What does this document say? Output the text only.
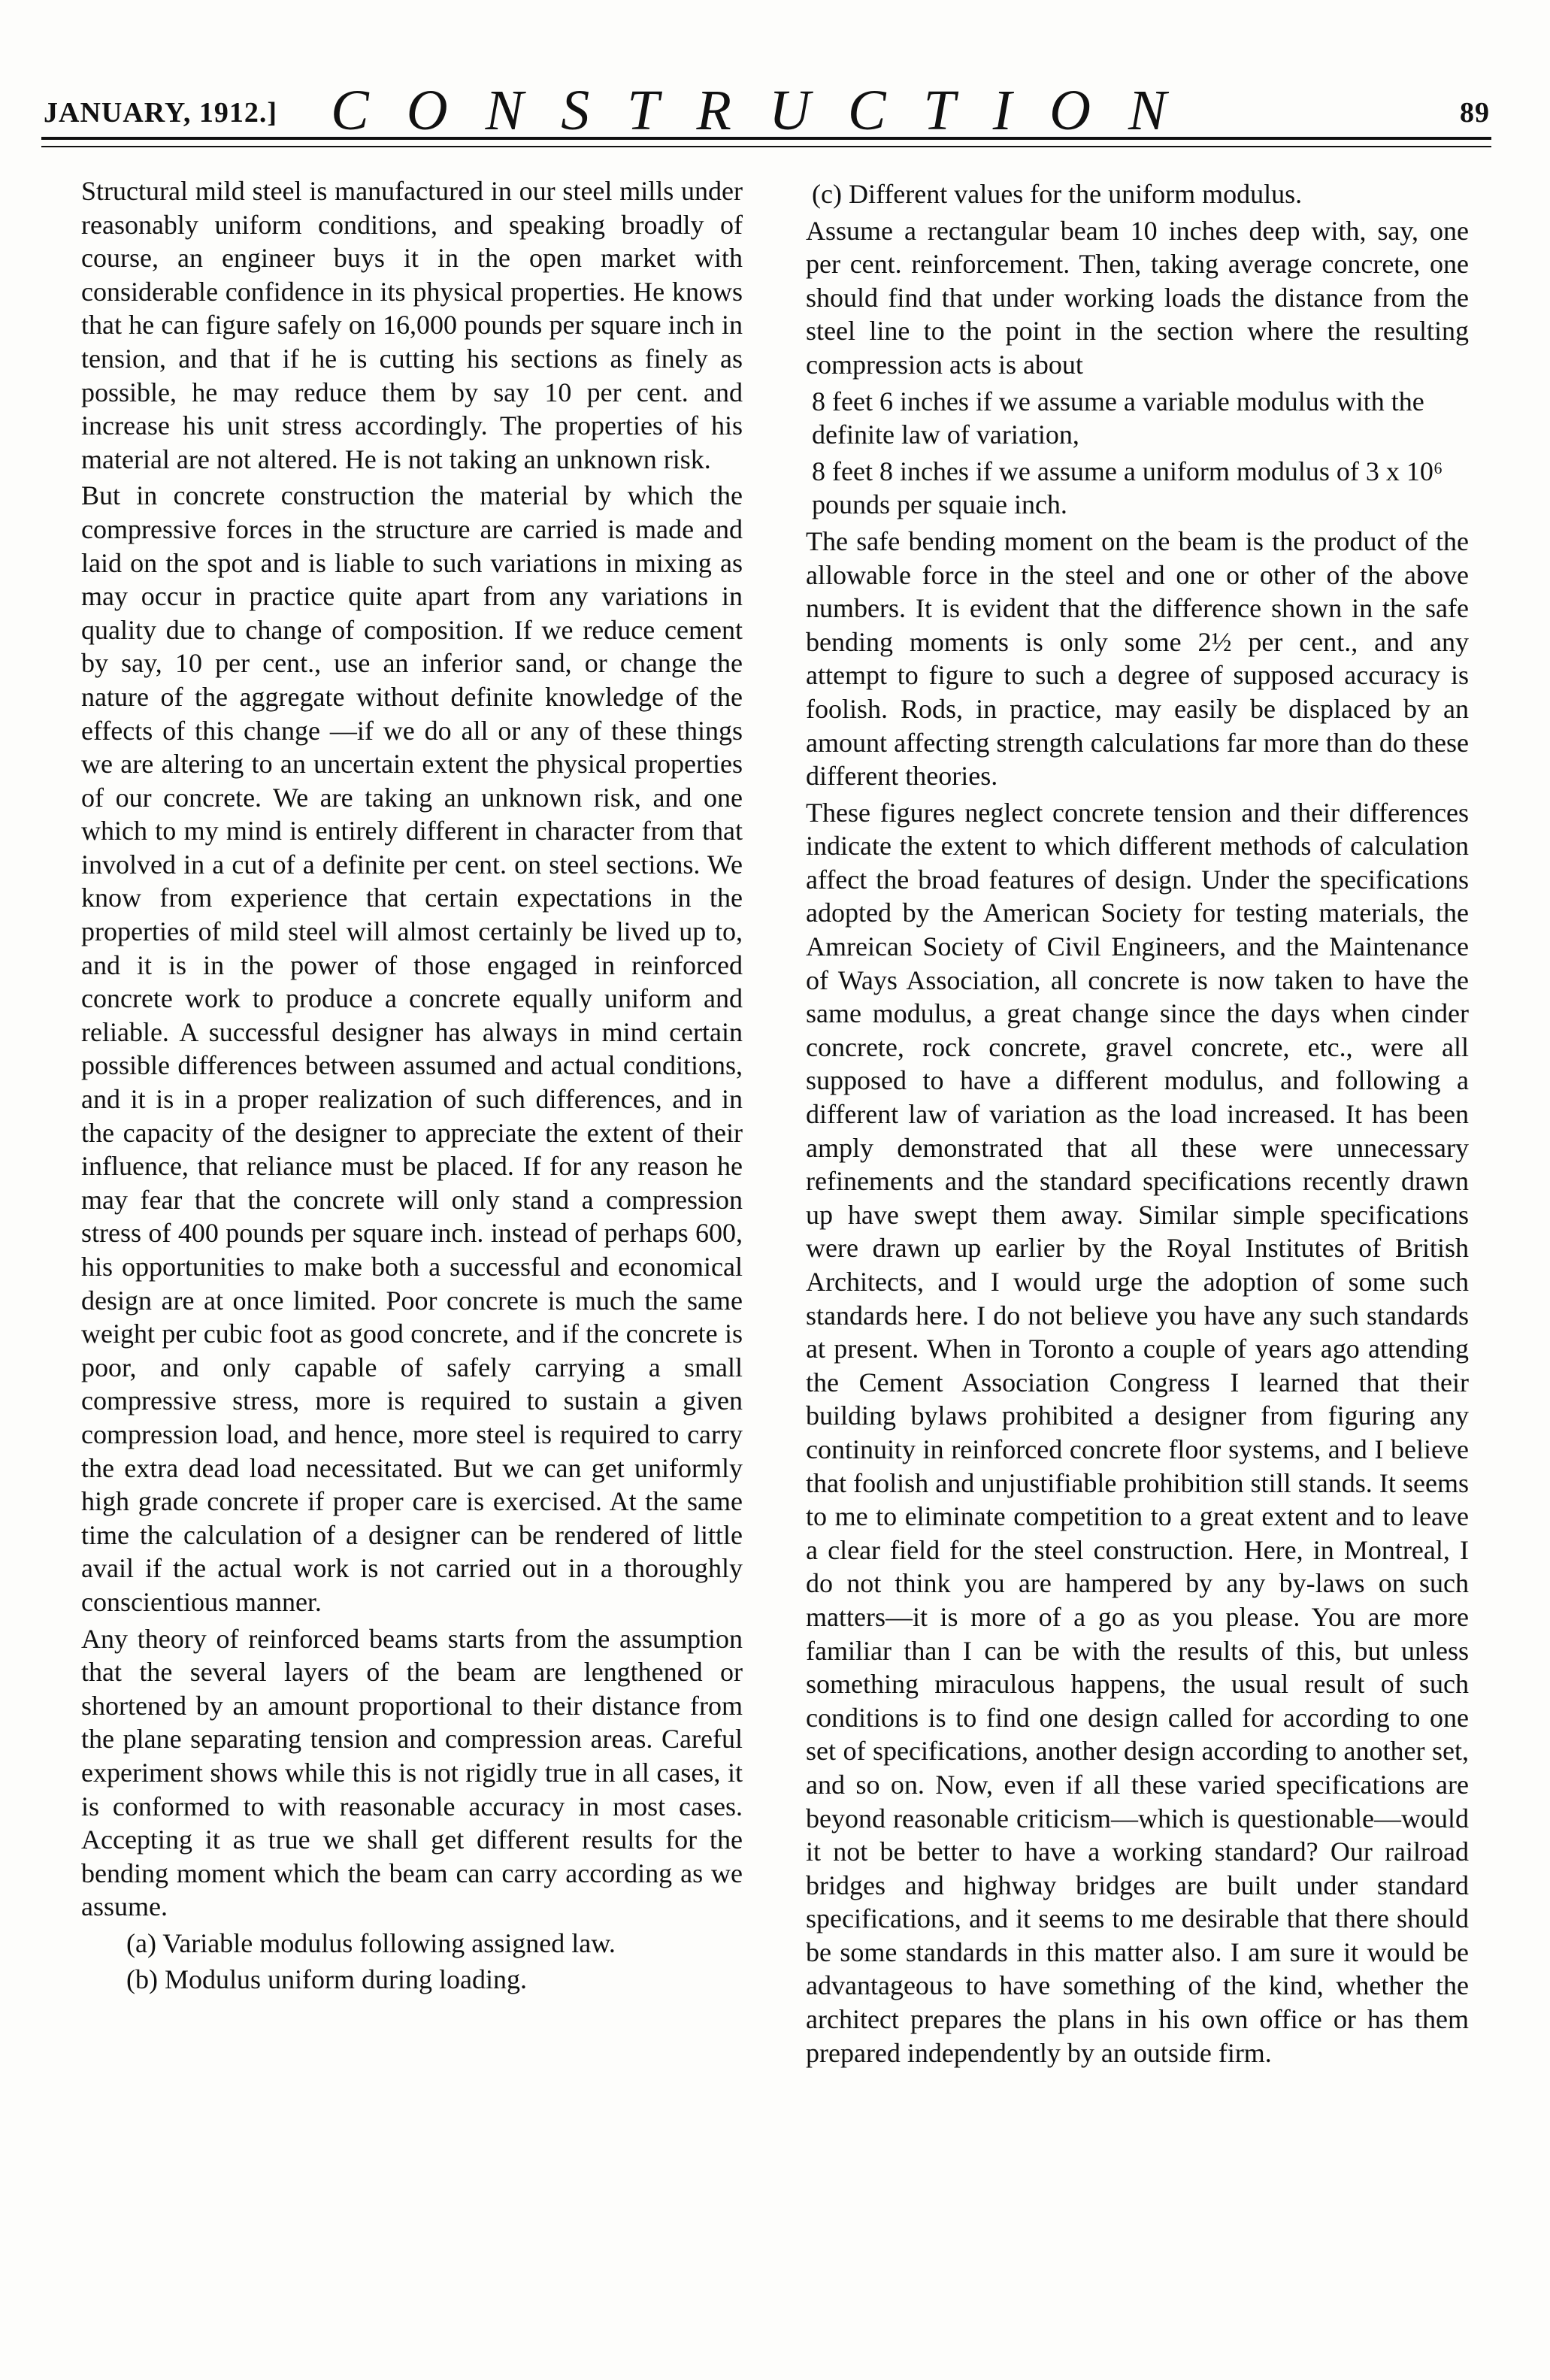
JANUARY, 1912.] CONSTRUCTION	89

Structural mild steel is manufactured in our steel mills under reasonably uniform conditions, and speaking broadly of course, an engineer buys it in the open market with considerable confidence in its physical properties. He knows that he can figure safely on 16,000 pounds per square inch in tension, and that if he is cutting his sections as finely as possible, he may reduce them by say 10 per cent. and increase his unit stress accordingly. The properties of his material are not altered. He is not taking an unknown risk.

But in concrete construction the material by which the compressive forces in the structure are carried is made and laid on the spot and is liable to such variations in mixing as may occur in practice quite apart from any variations in quality due to change of composition. If we reduce cement by say, 10 per cent., use an inferior sand, or change the nature of the aggregate without definite knowledge of the effects of this change —if we do all or any of these things we are altering to an uncertain extent the physical properties of our concrete. We are taking an unknown risk, and one which to my mind is entirely different in character from that involved in a cut of a definite per cent. on steel sections. We know from experience that certain expectations in the properties of mild steel will almost certainly be lived up to, and it is in the power of those engaged in reinforced concrete work to produce a concrete equally uniform and reliable. A successful designer has always in mind certain possible differences between assumed and actual conditions, and it is in a proper realization of such differences, and in the capacity of the designer to appreciate the extent of their influence, that reliance must be placed. If for any reason he may fear that the concrete will only stand a compression stress of 400 pounds per square inch. instead of perhaps 600, his opportunities to make both a successful and economical design are at once limited. Poor concrete is much the same weight per cubic foot as good concrete, and if the concrete is poor, and only capable of safely carrying a small compressive stress, more is required to sustain a given compression load, and hence, more steel is required to carry the extra dead load necessitated. But we can get uniformly high grade concrete if proper care is exercised. At the same time the calculation of a designer can be rendered of little avail if the actual work is not carried out in a thoroughly conscientious manner.

Any theory of reinforced beams starts from the assumption that the several layers of the beam are lengthened or shortened by an amount proportional to their distance from the plane separating tension and compression areas. Careful experiment shows while this is not rigidly true in all cases, it is conformed to with reasonable accuracy in most cases. Accepting it as true we shall get different results for the bending moment which the beam can carry according as we assume.

(a) Variable modulus following assigned law.

(b) Modulus uniform during loading.

(c) Different values for the uniform modulus.

Assume a rectangular beam 10 inches deep with, say, one per cent. reinforcement. Then, taking average concrete, one should find that under working loads the distance from the steel line to the point in the section where the resulting compression acts is about

8 feet 6 inches if we assume a variable modulus with the definite law of variation,

8 feet 8 inches if we assume a uniform modulus of 3 x 10⁶ pounds per squaie inch.

The safe bending moment on the beam is the product of the allowable force in the steel and one or other of the above numbers. It is evident that the difference shown in the safe bending moments is only some 2½ per cent., and any attempt to figure to such a degree of supposed accuracy is foolish. Rods, in practice, may easily be displaced by an amount affecting strength calculations far more than do these different theories.

These figures neglect concrete tension and their differences indicate the extent to which different methods of calculation affect the broad features of design. Under the specifications adopted by the American Society for testing materials, the Amreican Society of Civil Engineers, and the Maintenance of Ways Association, all concrete is now taken to have the same modulus, a great change since the days when cinder concrete, rock concrete, gravel concrete, etc., were all supposed to have a different modulus, and following a different law of variation as the load increased. It has been amply demonstrated that all these were unnecessary refinements and the standard specifications recently drawn up have swept them away. Similar simple specifications were drawn up earlier by the Royal Institutes of British Architects, and I would urge the adoption of some such standards here. I do not believe you have any such standards at present. When in Toronto a couple of years ago attending the Cement Association Congress I learned that their building bylaws prohibited a designer from figuring any continuity in reinforced concrete floor systems, and I believe that foolish and unjustifiable prohibition still stands. It seems to me to eliminate competition to a great extent and to leave a clear field for the steel construction. Here, in Montreal, I do not think you are hampered by any by-laws on such matters—it is more of a go as you please. You are more familiar than I can be with the results of this, but unless something miraculous happens, the usual result of such conditions is to find one design called for according to one set of specifications, another design according to another set, and so on. Now, even if all these varied specifications are beyond reasonable criticism—which is questionable—would it not be better to have a working standard? Our railroad bridges and highway bridges are built under standard specifications, and it seems to me desirable that there should be some standards in this matter also. I am sure it would be advantageous to have something of the kind, whether the architect prepares the plans in his own office or has them prepared independently by an outside firm.
